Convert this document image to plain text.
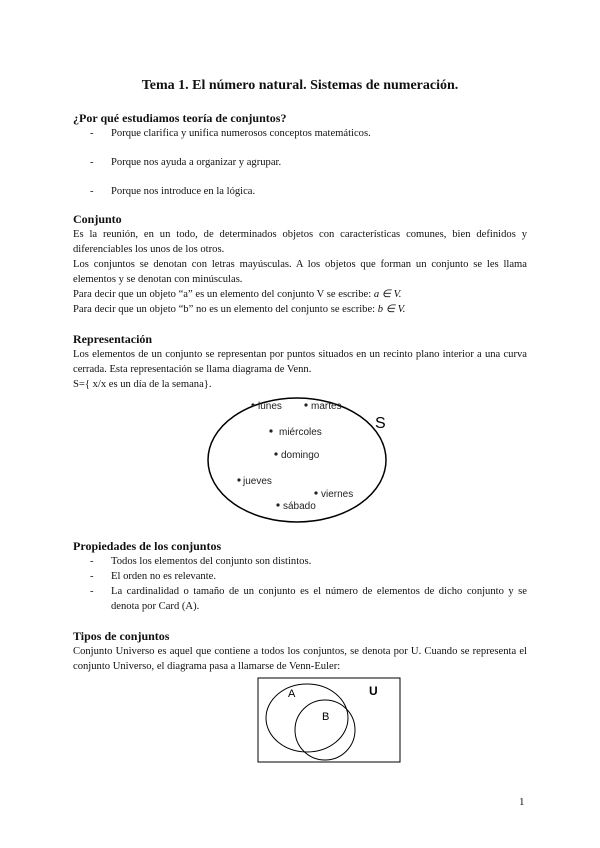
Tema 1. El número natural. Sistemas de numeración.
¿Por qué estudiamos teoría de conjuntos?
- Porque clarifica y unifica numerosos conceptos matemáticos.
- Porque nos ayuda a organizar y agrupar.
- Porque nos introduce en la lógica.
Conjunto

Es la reunión, en un todo, de determinados objetos con características comunes, bien definidos y diferenciables los unos de los otros.

Los conjuntos se denotan con letras mayúsculas. A los objetos que forman un conjunto se les llama elementos y se denotan con minúsculas.

Para decir que un objeto “a” es un elemento del conjunto V se escribe: a ∈ V.

Para decir que un objeto “b” no es un elemento del conjunto se escribe: b ∈ V.

Representación

Los elementos de un conjunto se representan por puntos situados en un recinto plano interior a una curva cerrada. Esta representación se llama diagrama de Venn.

S={ x/x es un día de la semana}.

S
lunes	martes
miércoles
domingo
jueves
viernes
sábado
Propiedades de los conjuntos
- Todos los elementos del conjunto son distintos.
- El orden no es relevante.
- La cardinalidad o tamaño de un conjunto es el número de elementos de dicho conjunto y se denota por Card (A).
Tipos de conjuntos

Conjunto Universo es aquel que contiene a todos los conjuntos, se denota por U. Cuando se representa el conjunto Universo, el diagrama pasa a llamarse de Venn-Euler:

A
B
U
1
